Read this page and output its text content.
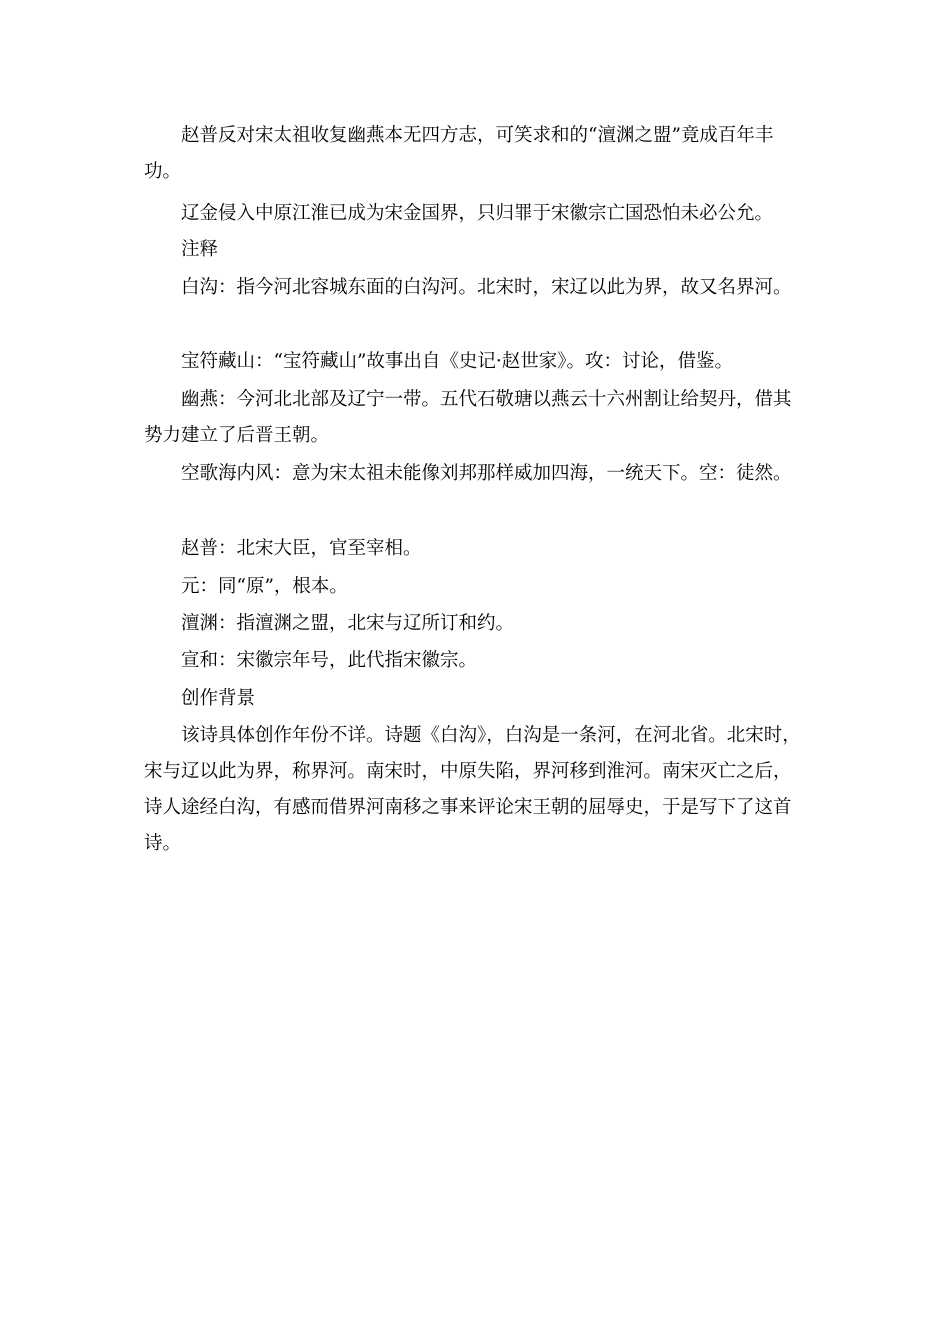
赵普反对宋太祖收复幽燕本无四方志，可笑求和的“澶渊之盟”竟成百年丰功。

辽金侵入中原江淮已成为宋金国界，只归罪于宋徽宗亡国恐怕未必公允。

注释

白沟：指今河北容城东面的白沟河。北宋时，宋辽以此为界，故又名界河。

宝符藏山：“宝符藏山”故事出自《史记·赵世家》。攻：讨论，借鉴。

幽燕：今河北北部及辽宁一带。五代石敬瑭以燕云十六州割让给契丹，借其势力建立了后晋王朝。

空歌海内风：意为宋太祖未能像刘邦那样威加四海，一统天下。空：徒然。

赵普：北宋大臣，官至宰相。

元：同“原”，根本。

澶渊：指澶渊之盟，北宋与辽所订和约。

宣和：宋徽宗年号，此代指宋徽宗。

创作背景

该诗具体创作年份不详。诗题《白沟》，白沟是一条河，在河北省。北宋时，宋与辽以此为界，称界河。南宋时，中原失陷，界河移到淮河。南宋灭亡之后，诗人途经白沟，有感而借界河南移之事来评论宋王朝的屈辱史，于是写下了这首诗。
